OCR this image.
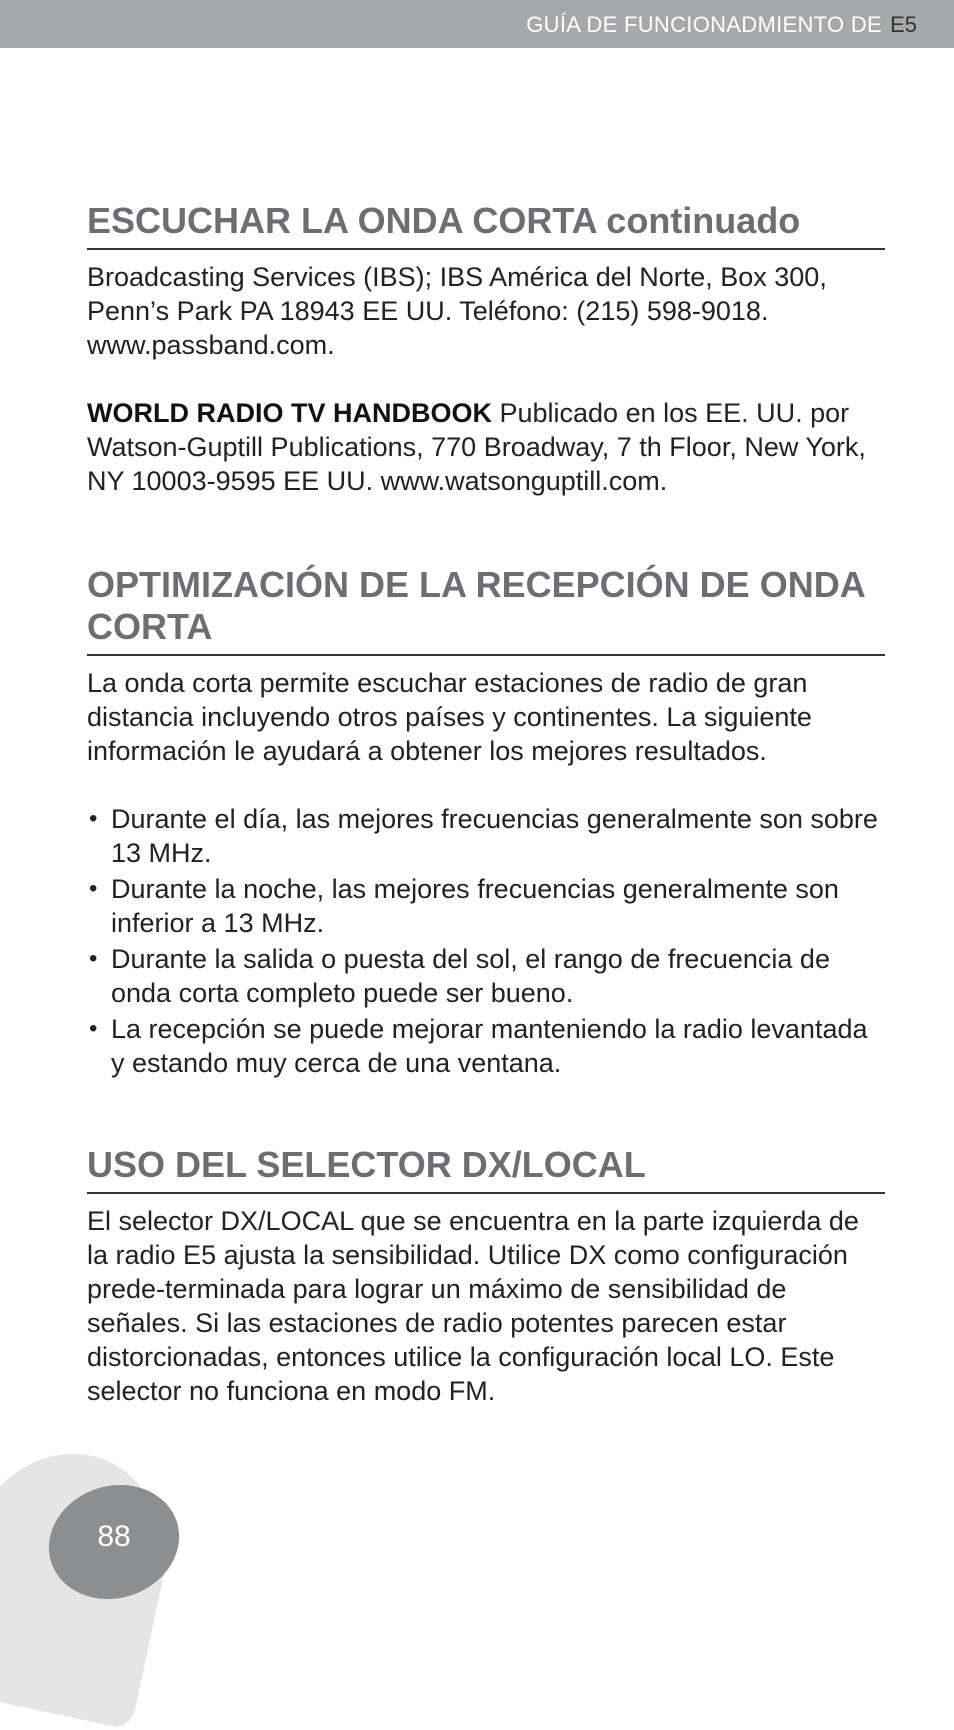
GUÍA DE FUNCIONADMIENTO DE E5
ESCUCHAR LA ONDA CORTA continuado

Broadcasting Services (IBS); IBS América del Norte, Box 300, Penn’s Park PA 18943 EE UU. Teléfono: (215) 598-9018. www.passband.com.

WORLD RADIO TV HANDBOOK Publicado en los EE. UU. por Watson-Guptill Publications, 770 Broadway, 7 th Floor, New York, NY 10003-9595 EE UU. www.watsonguptill.com.

OPTIMIZACIÓN DE LA RECEPCIÓN DE ONDA CORTA

La onda corta permite escuchar estaciones de radio de gran distancia incluyendo otros países y continentes. La siguiente información le ayudará a obtener los mejores resultados.

• Durante el día, las mejores frecuencias generalmente son sobre 13 MHz.
• Durante la noche, las mejores frecuencias generalmente son inferior a 13 MHz.
• Durante la salida o puesta del sol, el rango de frecuencia de onda corta completo puede ser bueno.
• La recepción se puede mejorar manteniendo la radio levantada y estando muy cerca de una ventana.
USO DEL SELECTOR DX/LOCAL

El selector DX/LOCAL que se encuentra en la parte izquierda de la radio E5 ajusta la sensibilidad. Utilice DX como configuración prede-terminada para lograr un máximo de sensibilidad de señales. Si las estaciones de radio potentes parecen estar distorcionadas, entonces utilice la configuración local LO. Este selector no funciona en modo FM.

88
